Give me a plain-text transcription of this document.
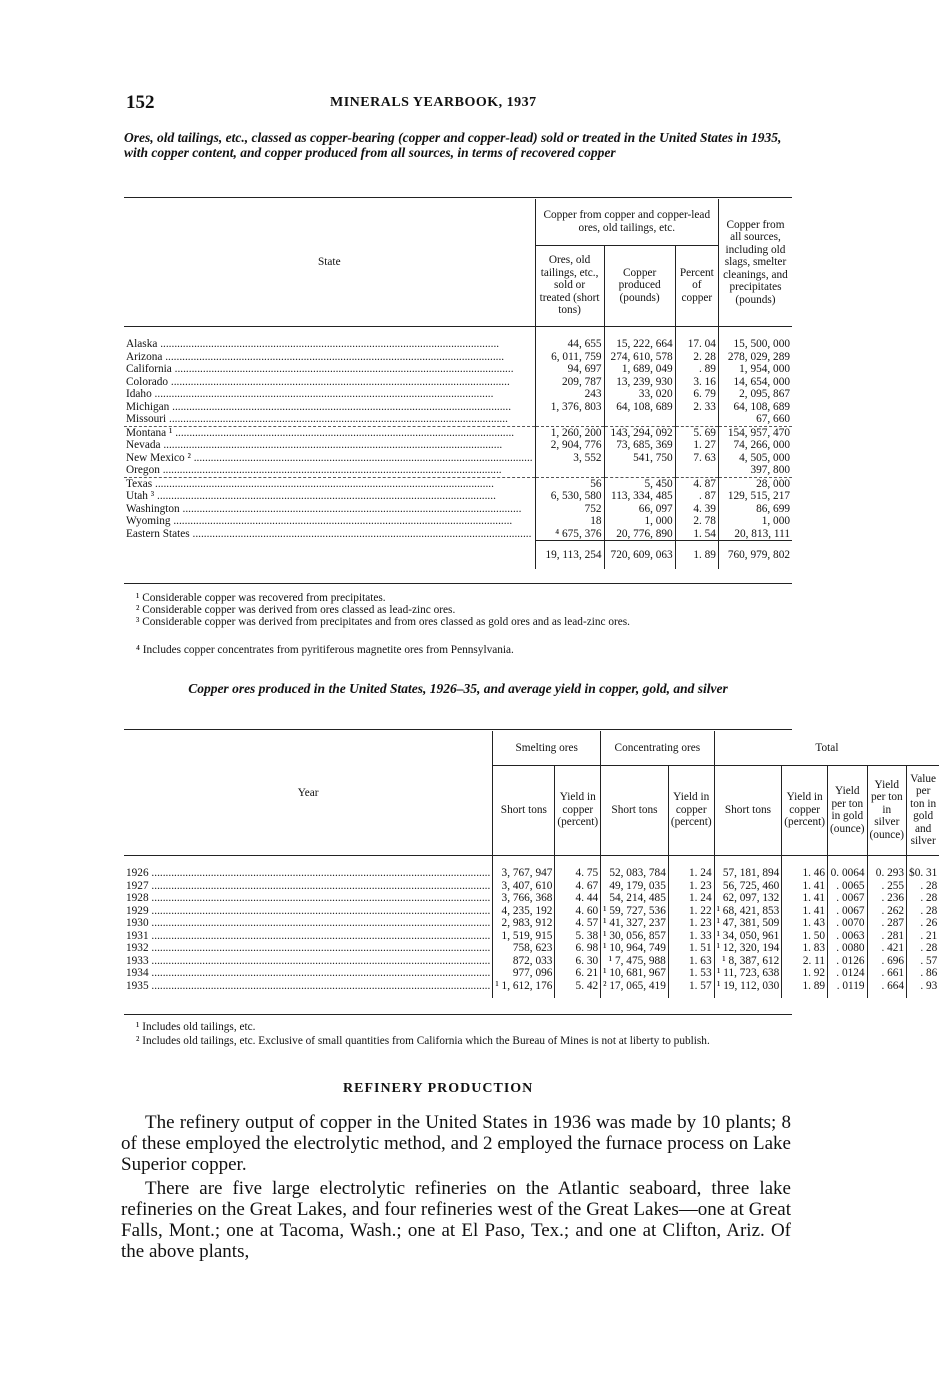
152	MINERALS YEARBOOK, 1937
Ores, old tailings, etc., classed as copper-bearing (copper and copper-lead) sold or treated in the United States in 1935, with copper content, and copper produced from all sources, in terms of recovered copper
State	Copper from copper and copper-lead ores, old tailings, etc.			Copper from all sources, including old slags, smelter cleanings, and precipitates (pounds)
	Ores, old tailings, etc., sold or treated (short tons)	Copper produced (pounds)	Percent of copper	

Alaska ........................................................................................................................	44, 655	15, 222, 664	17. 04	15, 500, 000
Arizona ........................................................................................................................	6, 011, 759	274, 610, 578	2. 28	278, 029, 289
California ........................................................................................................................	94, 697	1, 689, 049	. 89	1, 954, 000
Colorado ........................................................................................................................	209, 787	13, 239, 930	3. 16	14, 654, 000
Idaho ........................................................................................................................	243	33, 020	6. 79	2, 095, 867
Michigan ........................................................................................................................	1, 376, 803	64, 108, 689	2. 33	64, 108, 689
Missouri ........................................................................................................................				67, 660
Montana ¹ ........................................................................................................................	1, 260, 200	143, 294, 092	5. 69	154, 957, 470
Nevada ........................................................................................................................	2, 904, 776	73, 685, 369	1. 27	74, 266, 000
New Mexico ² ........................................................................................................................	3, 552	541, 750	7. 63	4, 505, 000
Oregon ........................................................................................................................				397, 800
Texas ........................................................................................................................	56	5, 450	4. 87	28, 000
Utah ³ ........................................................................................................................	6, 530, 580	113, 334, 485	. 87	129, 515, 217
Washington ........................................................................................................................	752	66, 097	4. 39	86, 699
Wyoming ........................................................................................................................	18	1, 000	2. 78	1, 000
Eastern States ........................................................................................................................	⁴ 675, 376	20, 776, 890	1. 54	20, 813, 111
	19, 113, 254	720, 609, 063	1. 89	760, 979, 802
¹ Considerable copper was recovered from precipitates.
² Considerable copper was derived from ores classed as lead-zinc ores.
³ Considerable copper was derived from precipitates and from ores classed as gold ores and as lead-zinc ores.
⁴ Includes copper concentrates from pyritiferous magnetite ores from Pennsylvania.
Copper ores produced in the United States, 1926–35, and average yield in copper, gold, and silver
Year	Smelting ores		Concentrating ores		Total				
	Short tons	Yield in copper (percent)	Short tons	Yield in copper (percent)	Short tons	Yield in copper (percent)	Yield per ton in gold (ounce)	Yield per ton in silver (ounce)	Value per ton in gold and silver

1926 ........................................................................................................................	3, 767, 947	4. 75	52, 083, 784	1. 24	57, 181, 894	1. 46	0. 0064	0. 293	$0. 31
1927 ........................................................................................................................	3, 407, 610	4. 67	49, 179, 035	1. 23	56, 725, 460	1. 41	. 0065	. 255	. 28
1928 ........................................................................................................................	3, 766, 368	4. 44	54, 214, 485	1. 24	62, 097, 132	1. 41	. 0067	. 236	. 28
1929 ........................................................................................................................	4, 235, 192	4. 60	¹ 59, 727, 536	1. 22	¹ 68, 421, 853	1. 41	. 0067	. 262	. 28
1930 ........................................................................................................................	2, 983, 912	4. 57	¹ 41, 327, 237	1. 23	¹ 47, 381, 509	1. 43	. 0070	. 287	. 26
1931 ........................................................................................................................	1, 519, 915	5. 38	¹ 30, 056, 857	1. 33	¹ 34, 050, 961	1. 50	. 0063	. 281	. 21
1932 ........................................................................................................................	758, 623	6. 98	¹ 10, 964, 749	1. 51	¹ 12, 320, 194	1. 83	. 0080	. 421	. 28
1933 ........................................................................................................................	872, 033	6. 30	¹ 7, 475, 988	1. 63	¹ 8, 387, 612	2. 11	. 0126	. 696	. 57
1934 ........................................................................................................................	977, 096	6. 21	¹ 10, 681, 967	1. 53	¹ 11, 723, 638	1. 92	. 0124	. 661	. 86
1935 ........................................................................................................................	¹ 1, 612, 176	5. 42	² 17, 065, 419	1. 57	¹ 19, 112, 030	1. 89	. 0119	. 664	. 93

¹ Includes old tailings, etc.
² Includes old tailings, etc. Exclusive of small quantities from California which the Bureau of Mines is not at liberty to publish.
REFINERY PRODUCTION
The refinery output of copper in the United States in 1936 was made by 10 plants; 8 of these employed the electrolytic method, and 2 employed the furnace process on Lake Superior copper.
There are five large electrolytic refineries on the Atlantic seaboard, three lake refineries on the Great Lakes, and four refineries west of the Great Lakes—one at Great Falls, Mont.; one at Tacoma, Wash.; one at El Paso, Tex.; and one at Clifton, Ariz. Of the above plants,
